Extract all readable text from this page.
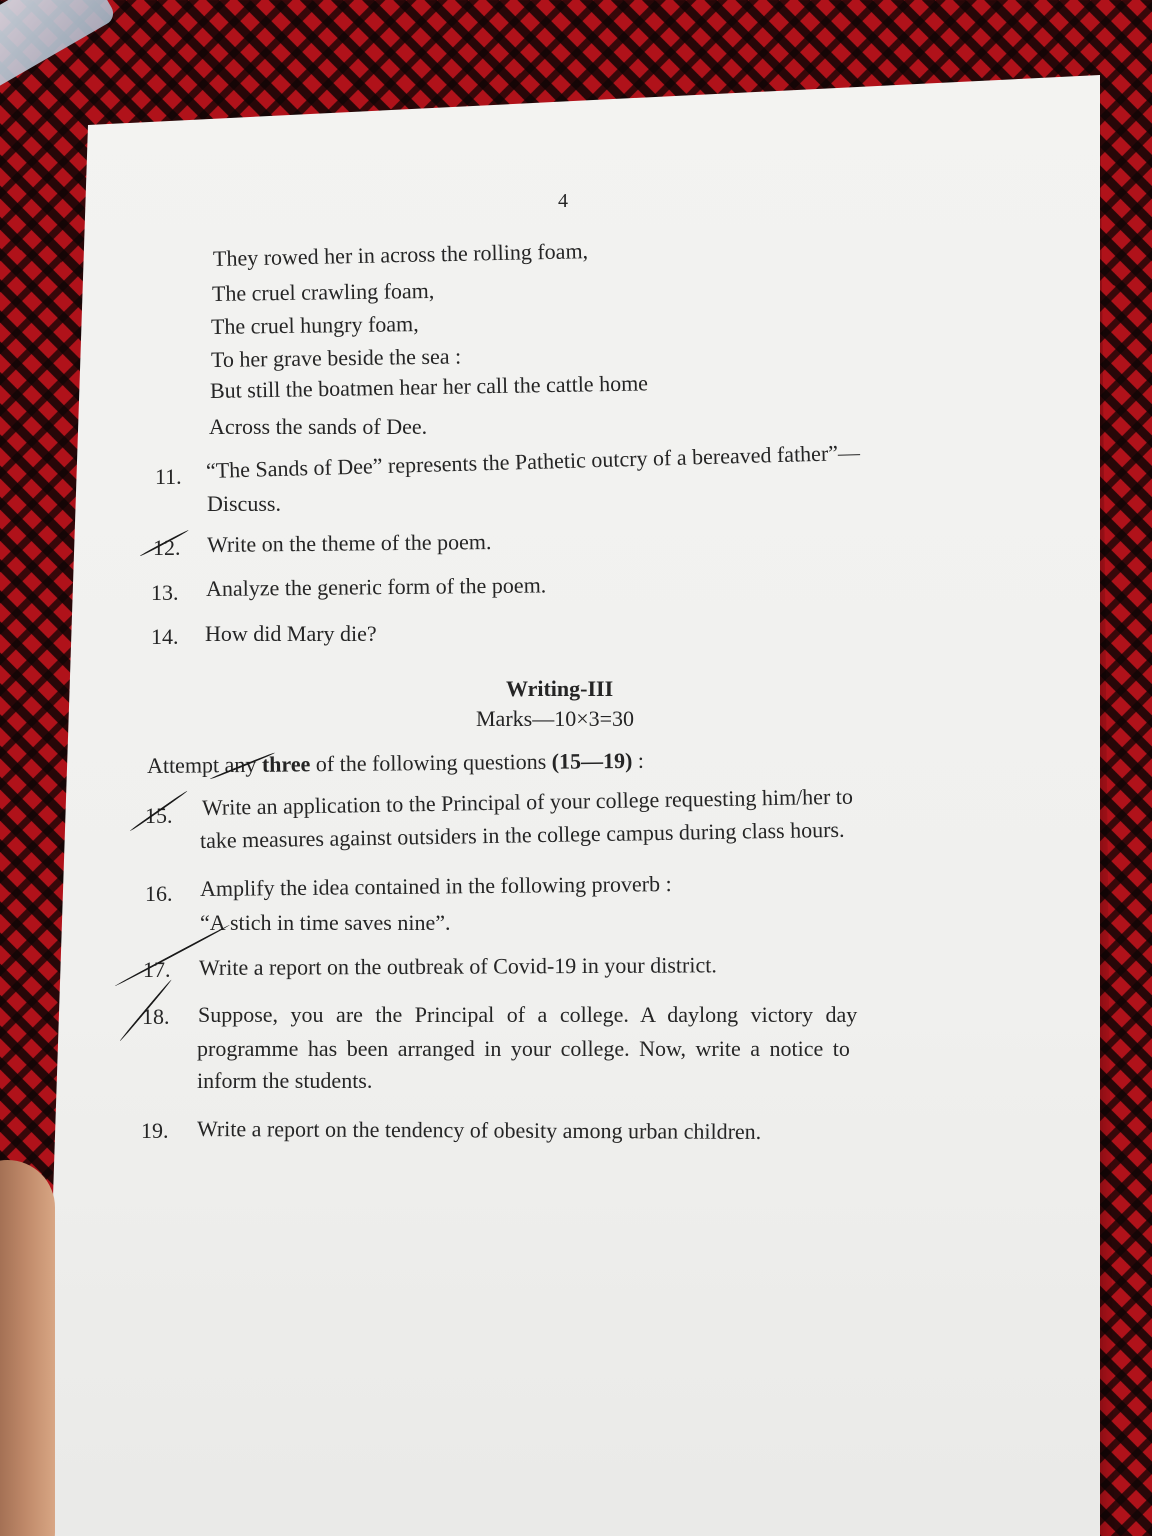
4
They rowed her in across the rolling foam,
The cruel crawling foam,
The cruel hungry foam,
To her grave beside the sea :
But still the boatmen hear her call the cattle home
Across the sands of Dee.
11. “The Sands of Dee” represents the Pathetic outcry of a bereaved father”—
Discuss.
12. Write on the theme of the poem.
13. Analyze the generic form of the poem.
14. How did Mary die?
Writing-III
Marks—10×3=30
Attempt any three of the following questions (15—19) :
15. Write an application to the Principal of your college requesting him/her to
take measures against outsiders in the college campus during class hours.
16. Amplify the idea contained in the following proverb :
“A stich in time saves nine”.
17. Write a report on the outbreak of Covid-19 in your district.
18. Suppose, you are the Principal of a college. A daylong victory day
programme has been arranged in your college. Now, write a notice to
inform the students.
19. Write a report on the tendency of obesity among urban children.
